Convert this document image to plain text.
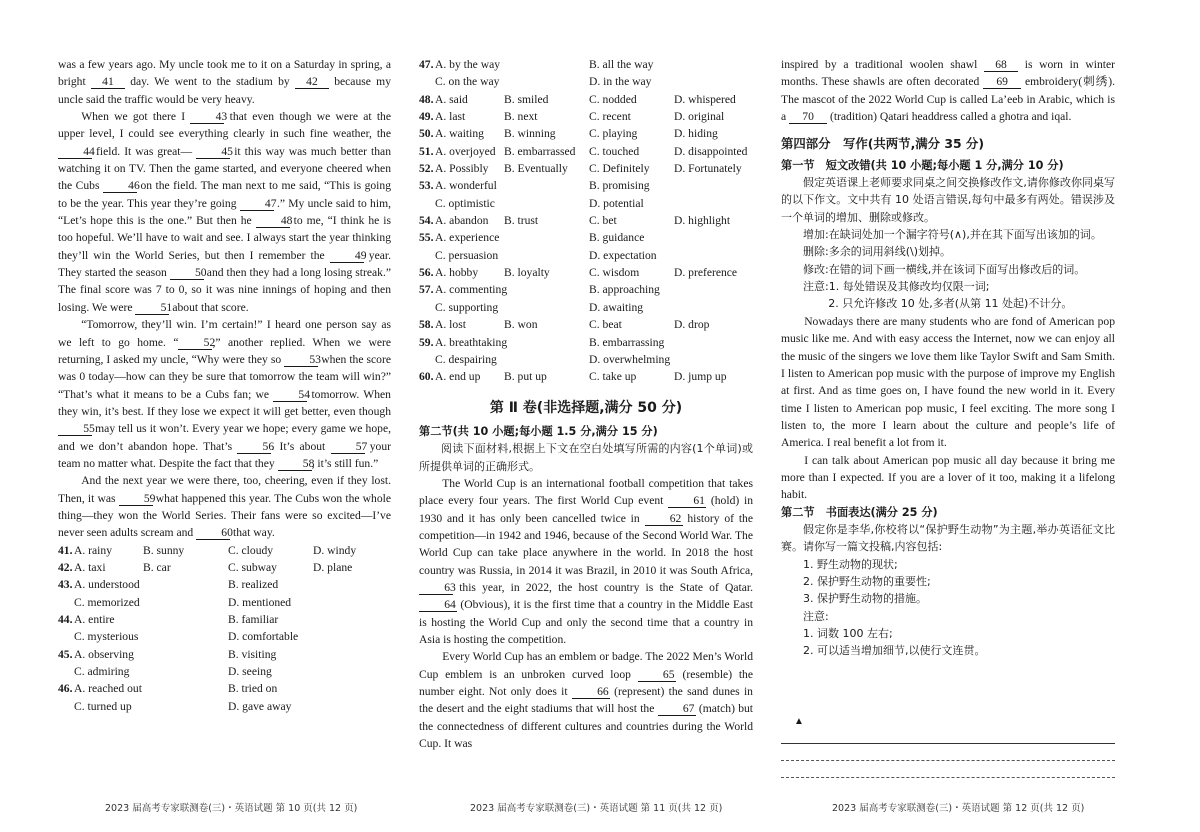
was a few years ago. My uncle took me to it on a Saturday in spring, a bright 41 day. We went to the stadium by 42 because my uncle said the traffic would be very heavy.
When we got there I	43 that even though we were at the upper level, I could see everything clearly in such fine weather, the 44 field. It was great—	45 it this way was much better than watching it on TV. Then the game started, and everyone cheered when the Cubs 46 on the field. The man next to me said, “This is going to be the year. This year they’re going 47 .” My uncle said to him, “Let’s hope this is the one.” But then he	48 to me, “I think he is too hopeful. We’ll have to wait and see. I always start the year thinking they’ll win the World Series, but then I remember the	49 year. They started the season 50 and then they had a long losing streak.” The final score was 7 to 0, so it was nine innings of hoping and then losing. We were 51 about that score.
“Tomorrow, they’ll win. I’m certain!” I heard one person say as we left to go home. “ 52,” another replied. When we were returning, I asked my uncle, “Why were they so 53 when the score was 0 today—how can they be sure that tomorrow the team will win?” “That’s what it means to be a Cubs fan; we	54 tomorrow. When they win, it’s best. If they lose we expect it will get better, even though 55 may tell us it won’t. Every year we hope; every game we hope, and we don’t abandon hope. That’s	56. It’s about	57 your team no matter what. Despite the fact that they 58, it’s still fun.”
And the next year we were there, too, cheering, even if they lost. Then, it was 59 what happened this year. The Cubs won the whole thing—they won the World Series. Their fans were so excited—I’ve never seen adults scream and 60 that way.
41. A. rainy	B. sunny	C. cloudy	D. windy
42. A. taxi	B. car	C. subway	D. plane
43. A. understood	B. realized
C. memorized	D. mentioned
44. A. entire	B. familiar
C. mysterious	D. comfortable
45. A. observing	B. visiting
C. admiring	D. seeing
46. A. reached out	B. tried on
C. turned up	D. gave away
47. A. by the way	B. all the way
C. on the way	D. in the way
48. A. said	B. smiled	C. nodded	D. whispered
49. A. last	B. next	C. recent	D. original
50. A. waiting B. winning	C. playing	D. hiding
51. A. overjoyed B. embarrassed C. touched	D. disappointed
52. A. Possibly B. Eventually C. Definitely D. Fortunately
53. A. wonderful	B. promising
C. optimistic	D. potential
54. A. abandon B. trust	C. bet	D. highlight
55. A. experience	B. guidance
C. persuasion	D. expectation
56. A. hobby B. loyalty	C. wisdom	D. preference
57. A. commenting	B. approaching
C. supporting	D. awaiting
58. A. lost	B. won	C. beat	D. drop
59. A. breathtaking	B. embarrassing
C. despairing	D. overwhelming
60. A. end up B. put up	C. take up	D. jump up
第 Ⅱ 卷(非选择题,满分 50 分)
第二节(共 10 小题;每小题 1.5 分,满分 15 分)
阅读下面材料,根据上下文在空白处填写所需的内容(1个单词)或所提供单词的正确形式。
The World Cup is an international football competition that takes place every four years. The first World Cup event	61 (hold) in 1930 and it has only been cancelled twice in	62 history of the competition—in 1942 and 1946, because of the Second World War. The World Cup can take place anywhere in the world. In 2018 the host country was Russia, in 2014 it was Brazil, in 2010 it was South Africa, 63 this year, in 2022, the host country is the State of Qatar. 64 (Obvious), it is the first time that a country in the Middle East is hosting the World Cup and only the second time that a country in Asia is hosting the competition.
Every World Cup has an emblem or badge. The 2022 Men’s World Cup emblem is an unbroken curved loop	65 (resemble) the number eight. Not only does it	66 (represent) the sand dunes in the desert and the eight stadiums that will host the 67 (match) but the connectedness of different cultures and countries during the World Cup. It was
inspired by a traditional woolen shawl 68 is worn in winter months. These shawls are often decorated 69 embroidery(刺绣). The mascot of the 2022 World Cup is called La’eeb in Arabic, which is a 70 (tradition) Qatari headdress called a ghotra and iqal.
第四部分　写作(共两节,满分 35 分)
第一节　短文改错(共 10 小题;每小题 1 分,满分 10 分)
假定英语课上老师要求同桌之间交换修改作文,请你修改你同桌写的以下作文。文中共有 10 处语言错误,每句中最多有两处。错误涉及一个单词的增加、删除或修改。
增加:在缺词处加一个漏字符号(∧),并在其下面写出该加的词。
删除:多余的词用斜线(\)划掉。
修改:在错的词下画一横线,并在该词下面写出修改后的词。
注意:1. 每处错误及其修改均仅限一词;
2. 只允许修改 10 处,多者(从第 11 处起)不计分。
Nowadays there are many students who are fond of American pop music like me. And with easy access the Internet, now we can enjoy all the music of the singers we love them like Taylor Swift and Sam Smith. I listen to American pop music with the purpose of improve my English at first. And as time goes on, I have found the new world in it. Every time I listen to American pop music, I feel exciting. The more song I listen to, the more I learn about the culture and people’s life of America. I real benefit a lot from it.
I can talk about American pop music all day because it bring me more than I expected. If you are a lover of it too, making it a lifelong habit.
第二节　书面表达(满分 25 分)
假定你是李华,你校将以“保护野生动物”为主题,举办英语征文比赛。请你写一篇文投稿,内容包括:
1. 野生动物的现状;
2. 保护野生动物的重要性;
3. 保护野生动物的措施。
注意:
1. 词数 100 左右;
2. 可以适当增加细节,以使行文连贯。
▲
2023 届高考专家联测卷(三)・英语试题 第 10 页(共 12 页)	2023 届高考专家联测卷(三)・英语试题 第 11 页(共 12 页)	2023 届高考专家联测卷(三)・英语试题 第 12 页(共 12 页)
